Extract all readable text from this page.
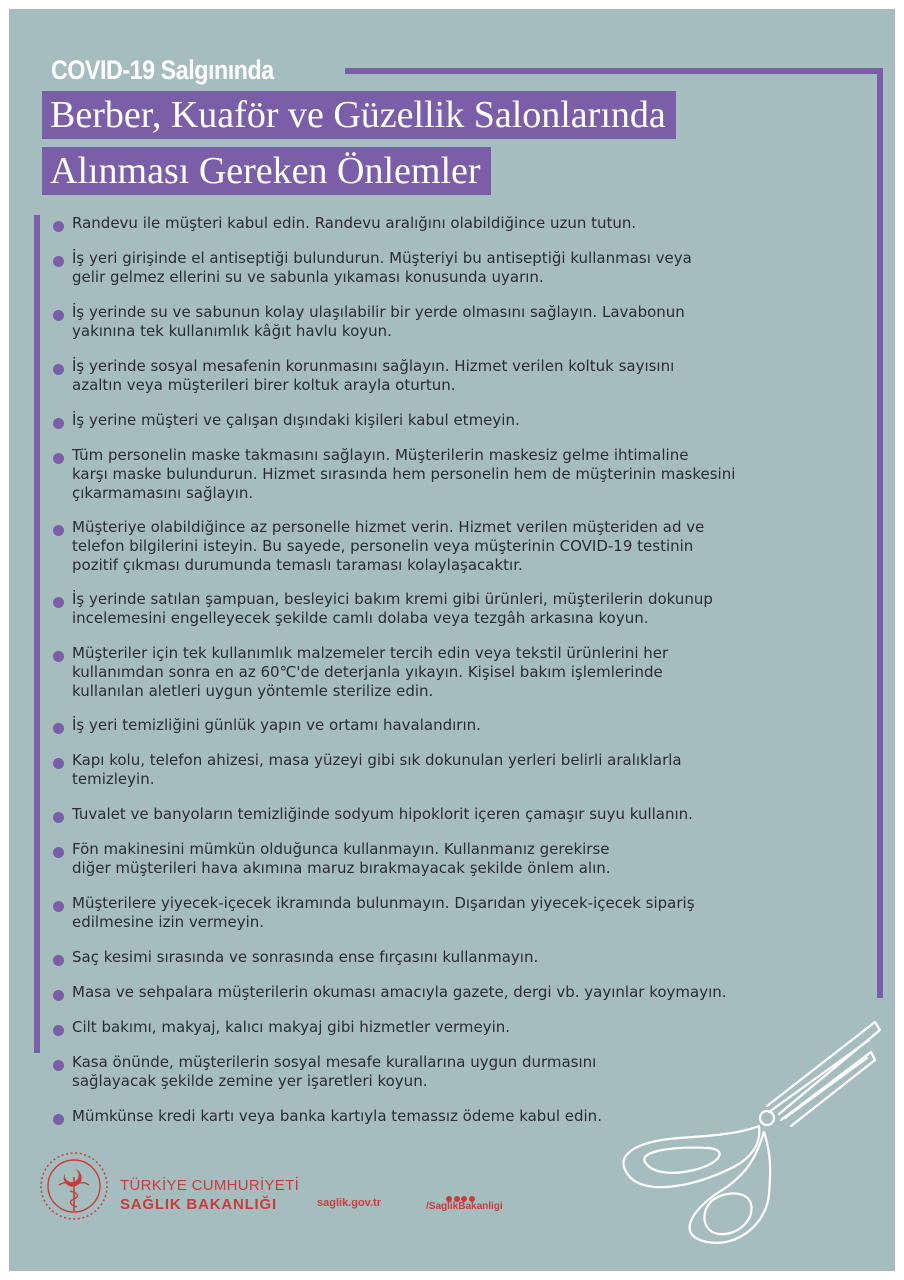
COVID-19 Salgınında
Berber, Kuaför ve Güzellik Salonlarında
Alınması Gereken Önlemler
Randevu ile müşteri kabul edin. Randevu aralığını olabildiğince uzun tutun.
İş yeri girişinde el antiseptiği bulundurun. Müşteriyi bu antiseptiği kullanması veya
gelir gelmez ellerini su ve sabunla yıkaması konusunda uyarın.
İş yerinde su ve sabunun kolay ulaşılabilir bir yerde olmasını sağlayın. Lavabonun
yakınına tek kullanımlık kâğıt havlu koyun.
İş yerinde sosyal mesafenin korunmasını sağlayın. Hizmet verilen koltuk sayısını
azaltın veya müşterileri birer koltuk arayla oturtun.
İş yerine müşteri ve çalışan dışındaki kişileri kabul etmeyin.
Tüm personelin maske takmasını sağlayın. Müşterilerin maskesiz gelme ihtimaline
karşı maske bulundurun. Hizmet sırasında hem personelin hem de müşterinin maskesini
çıkarmamasını sağlayın.
Müşteriye olabildiğince az personelle hizmet verin. Hizmet verilen müşteriden ad ve
telefon bilgilerini isteyin. Bu sayede, personelin veya müşterinin COVID-19 testinin
pozitif çıkması durumunda temaslı taraması kolaylaşacaktır.
İş yerinde satılan şampuan, besleyici bakım kremi gibi ürünleri, müşterilerin dokunup
incelemesini engelleyecek şekilde camlı dolaba veya tezgâh arkasına koyun.
Müşteriler için tek kullanımlık malzemeler tercih edin veya tekstil ürünlerini her
kullanımdan sonra en az 60℃'de deterjanla yıkayın. Kişisel bakım işlemlerinde
kullanılan aletleri uygun yöntemle sterilize edin.
İş yeri temizliğini günlük yapın ve ortamı havalandırın.
Kapı kolu, telefon ahizesi, masa yüzeyi gibi sık dokunulan yerleri belirli aralıklarla
temizleyin.
Tuvalet ve banyoların temizliğinde sodyum hipoklorit içeren çamaşır suyu kullanın.
Fön makinesini mümkün olduğunca kullanmayın. Kullanmanız gerekirse
diğer müşterileri hava akımına maruz bırakmayacak şekilde önlem alın.
Müşterilere yiyecek-içecek ikramında bulunmayın. Dışarıdan yiyecek-içecek sipariş
edilmesine izin vermeyin.
Saç kesimi sırasında ve sonrasında ense fırçasını kullanmayın.
Masa ve sehpalara müşterilerin okuması amacıyla gazete, dergi vb. yayınlar koymayın.
Cilt bakımı, makyaj, kalıcı makyaj gibi hizmetler vermeyin.
Kasa önünde, müşterilerin sosyal mesafe kurallarına uygun durmasını
sağlayacak şekilde zemine yer işaretleri koyun.
Mümkünse kredi kartı veya banka kartıyla temassız ödeme kabul edin.
TÜRKİYE CUMHURİYETİ
SAĞLIK BAKANLIĞI	saglik.gov.tr	/SaglikBakanligi
